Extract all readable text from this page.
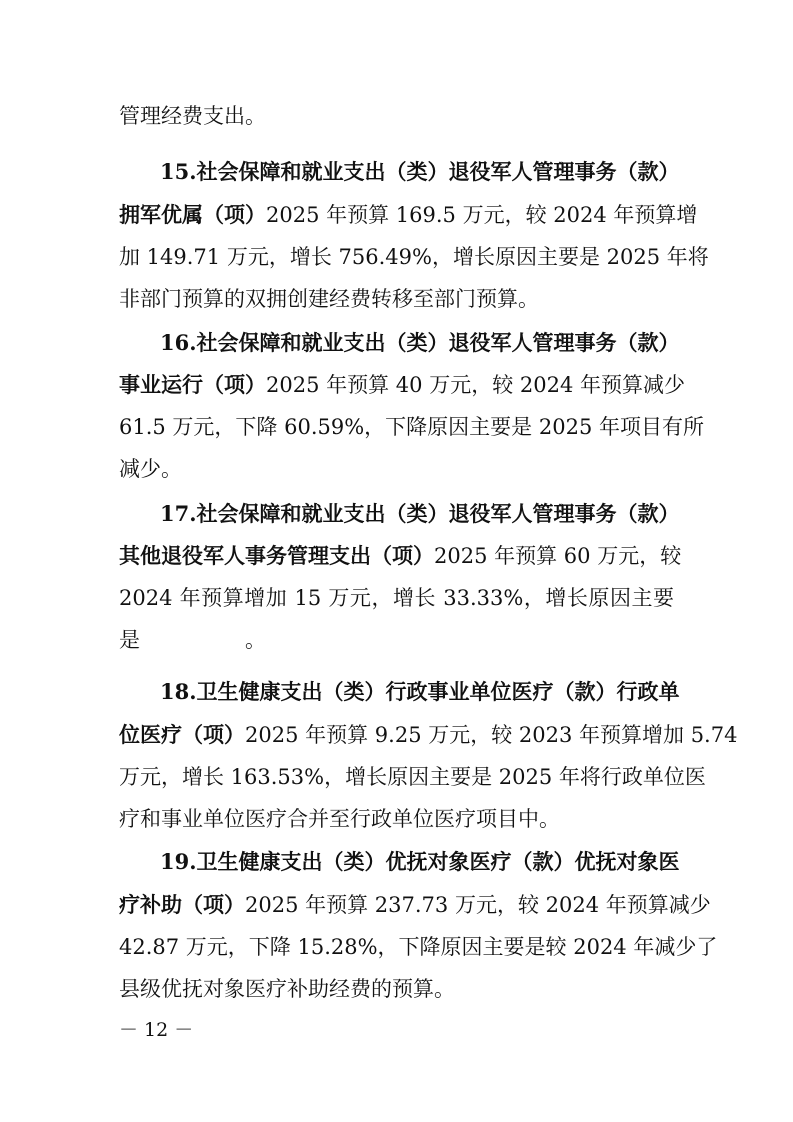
管理经费支出。
15.社会保障和就业支出（类）退役军人管理事务（款）
拥军优属（项）2025 年预算 169.5 万元，较 2024 年预算增
加 149.71 万元，增长 756.49%，增长原因主要是 2025 年将
非部门预算的双拥创建经费转移至部门预算。
16.社会保障和就业支出（类）退役军人管理事务（款）
事业运行（项）2025 年预算 40 万元，较 2024 年预算减少
61.5 万元，下降 60.59%，下降原因主要是 2025 年项目有所
减少。
17.社会保障和就业支出（类）退役军人管理事务（款）
其他退役军人事务管理支出（项）2025 年预算 60 万元，较
2024 年预算增加 15 万元，增长 33.33%，增长原因主要
是　　　　　。
18.卫生健康支出（类）行政事业单位医疗（款）行政单
位医疗（项）2025 年预算 9.25 万元，较 2023 年预算增加 5.74
万元，增长 163.53%，增长原因主要是 2025 年将行政单位医
疗和事业单位医疗合并至行政单位医疗项目中。
19.卫生健康支出（类）优抚对象医疗（款）优抚对象医
疗补助（项）2025 年预算 237.73 万元，较 2024 年预算减少
42.87 万元，下降 15.28%，下降原因主要是较 2024 年减少了
县级优抚对象医疗补助经费的预算。
－ 12 －
